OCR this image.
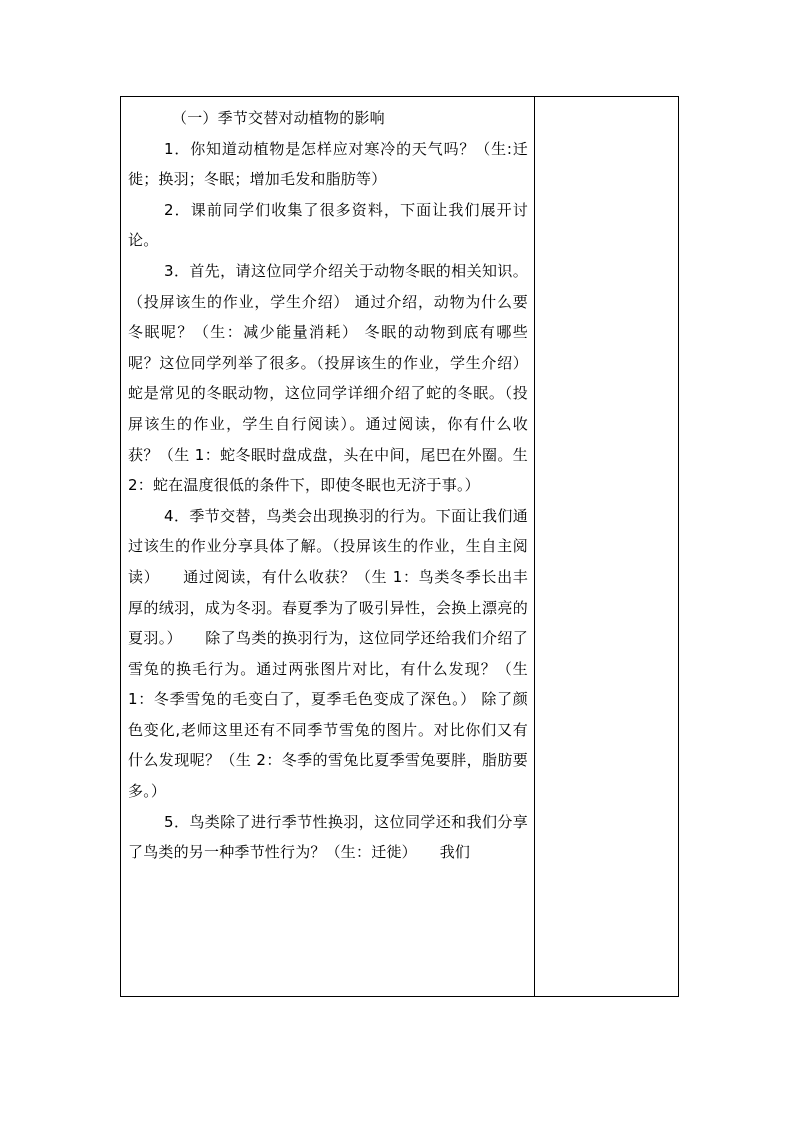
（一）季节交替对动植物的影响

1．你知道动植物是怎样应对寒冷的天气吗？（生:迁徙；换羽；冬眠；增加毛发和脂肪等）

2．课前同学们收集了很多资料，下面让我们展开讨论。

3．首先，请这位同学介绍关于动物冬眠的相关知识。（投屏该生的作业，学生介绍） 通过介绍，动物为什么要冬眠呢？（生：减少能量消耗） 冬眠的动物到底有哪些呢？这位同学列举了很多。（投屏该生的作业，学生介绍）蛇是常见的冬眠动物，这位同学详细介绍了蛇的冬眠。（投屏该生的作业，学生自行阅读）。通过阅读，你有什么收获？（生 1：蛇冬眠时盘成盘，头在中间，尾巴在外圈。生 2：蛇在温度很低的条件下，即使冬眠也无济于事。）

4．季节交替，鸟类会出现换羽的行为。下面让我们通过该生的作业分享具体了解。（投屏该生的作业，生自主阅读）　　通过阅读，有什么收获？（生 1：鸟类冬季长出丰厚的绒羽，成为冬羽。春夏季为了吸引异性，会换上漂亮的夏羽。）　　除了鸟类的换羽行为，这位同学还给我们介绍了雪兔的换毛行为。通过两张图片对比，有什么发现？（生 1：冬季雪兔的毛变白了，夏季毛色变成了深色。） 除了颜色变化,老师这里还有不同季节雪兔的图片。对比你们又有什么发现呢？（生 2：冬季的雪兔比夏季雪兔要胖，脂肪要多。）

5．鸟类除了进行季节性换羽，这位同学还和我们分享了鸟类的另一种季节性行为？（生：迁徙）　　我们
